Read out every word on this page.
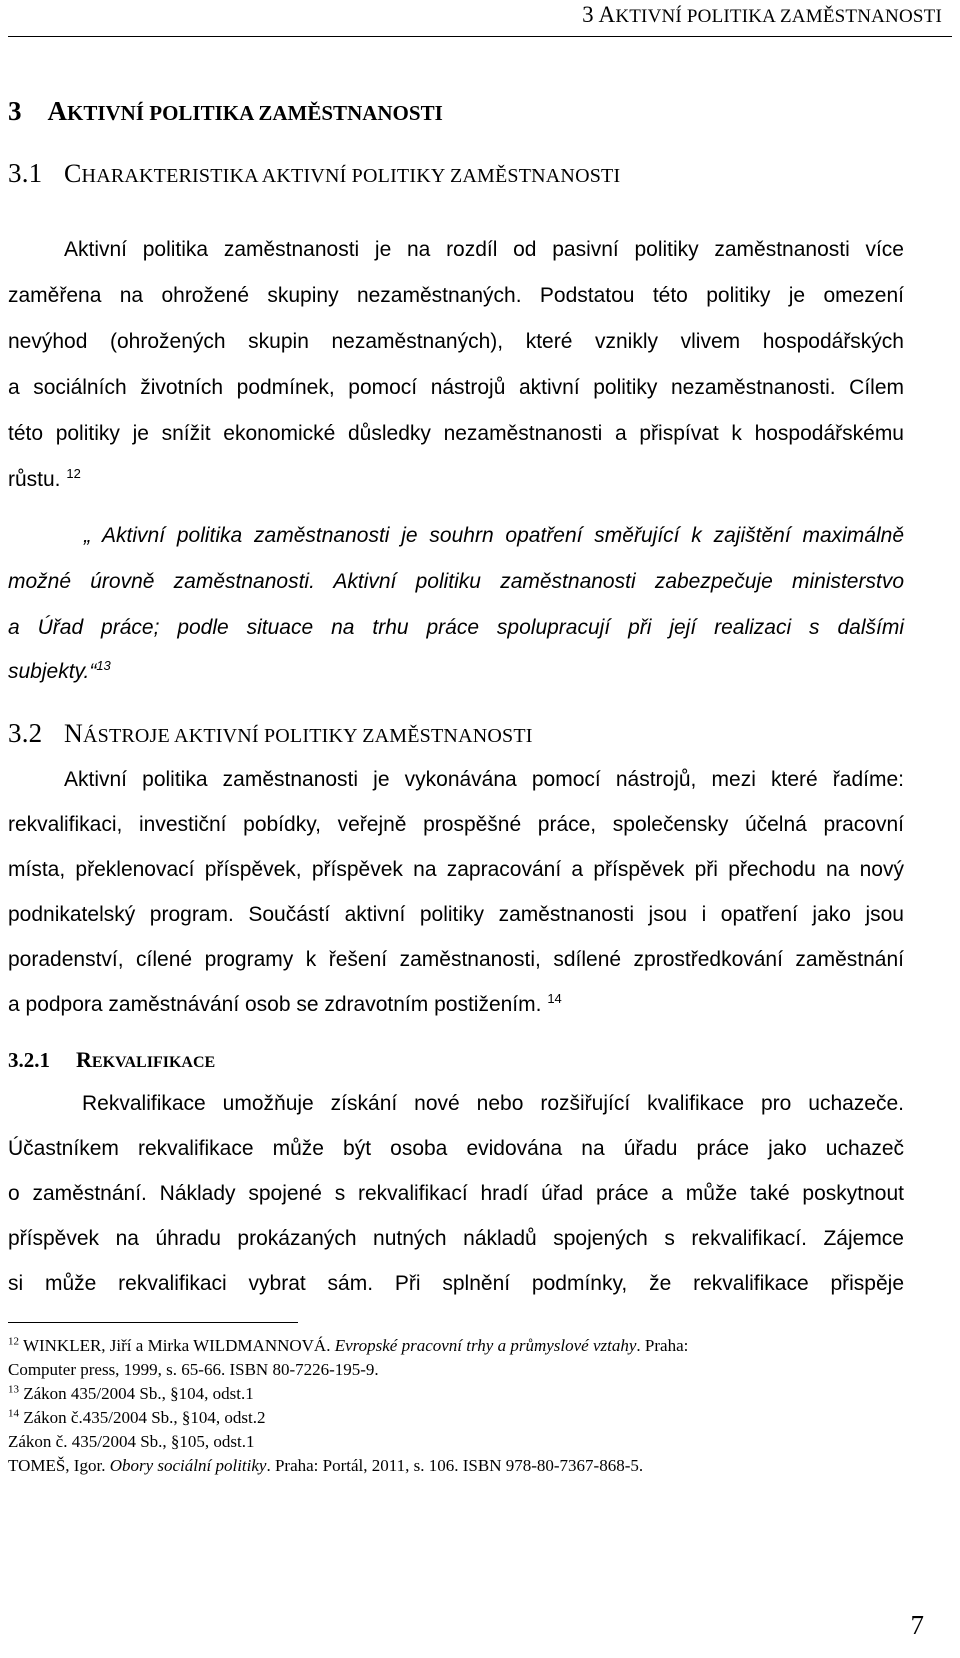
3 AKTIVNÍ POLITIKA ZAMĚSTNANOSTI
3 AKTIVNÍ POLITIKA ZAMĚSTNANOSTI
3.1 CHARAKTERISTIKA AKTIVNÍ POLITIKY ZAMĚSTNANOSTI
Aktivní politika zaměstnanosti je na rozdíl od pasivní politiky zaměstnanosti více
zaměřena na ohrožené skupiny nezaměstnaných. Podstatou této politiky je omezení
nevýhod (ohrožených skupin nezaměstnaných), které vznikly vlivem hospodářských
a sociálních životních podmínek, pomocí nástrojů aktivní politiky nezaměstnanosti. Cílem
této politiky je snížit ekonomické důsledky nezaměstnanosti a přispívat k hospodářskému
růstu. $^{12}$
„ Aktivní politika zaměstnanosti je souhrn opatření směřující k zajištění maximálně
možné úrovně zaměstnanosti. Aktivní politiku zaměstnanosti zabezpečuje ministerstvo
a Úřad práce; podle situace na trhu práce spolupracují při její realizaci s dalšími
subjekty.“$^{13}$
3.2 NÁSTROJE AKTIVNÍ POLITIKY ZAMĚSTNANOSTI
Aktivní politika zaměstnanosti je vykonávána pomocí nástrojů, mezi které řadíme:
rekvalifikaci, investiční pobídky, veřejně prospěšné práce, společensky účelná pracovní
místa, překlenovací příspěvek, příspěvek na zapracování a příspěvek při přechodu na nový
podnikatelský program. Součástí aktivní politiky zaměstnanosti jsou i opatření jako jsou
poradenství, cílené programy k řešení zaměstnanosti, sdílené zprostředkování zaměstnání
a podpora zaměstnávání osob se zdravotním postižením. $^{14}$
3.2.1 REKVALIFIKACE
Rekvalifikace umožňuje získání nové nebo rozšiřující kvalifikace pro uchazeče.
Účastníkem rekvalifikace může být osoba evidována na úřadu práce jako uchazeč
o zaměstnání. Náklady spojené s rekvalifikací hradí úřad práce a může také poskytnout
příspěvek na úhradu prokázaných nutných nákladů spojených s rekvalifikací. Zájemce
si může rekvalifikaci vybrat sám. Při splnění podmínky, že rekvalifikace přispěje
$^{12}$ WINKLER, Jiří a Mirka WILDMANNOVÁ. Evropské pracovní trhy a průmyslové vztahy. Praha:
Computer press, 1999, s. 65-66. ISBN 80-7226-195-9.
$^{13}$ Zákon 435/2004 Sb., §104, odst.1
$^{14}$ Zákon č.435/2004 Sb., §104, odst.2
Zákon č. 435/2004 Sb., §105, odst.1
TOMEŠ, Igor. Obory sociální politiky. Praha: Portál, 2011, s. 106. ISBN 978-80-7367-868-5.
7
